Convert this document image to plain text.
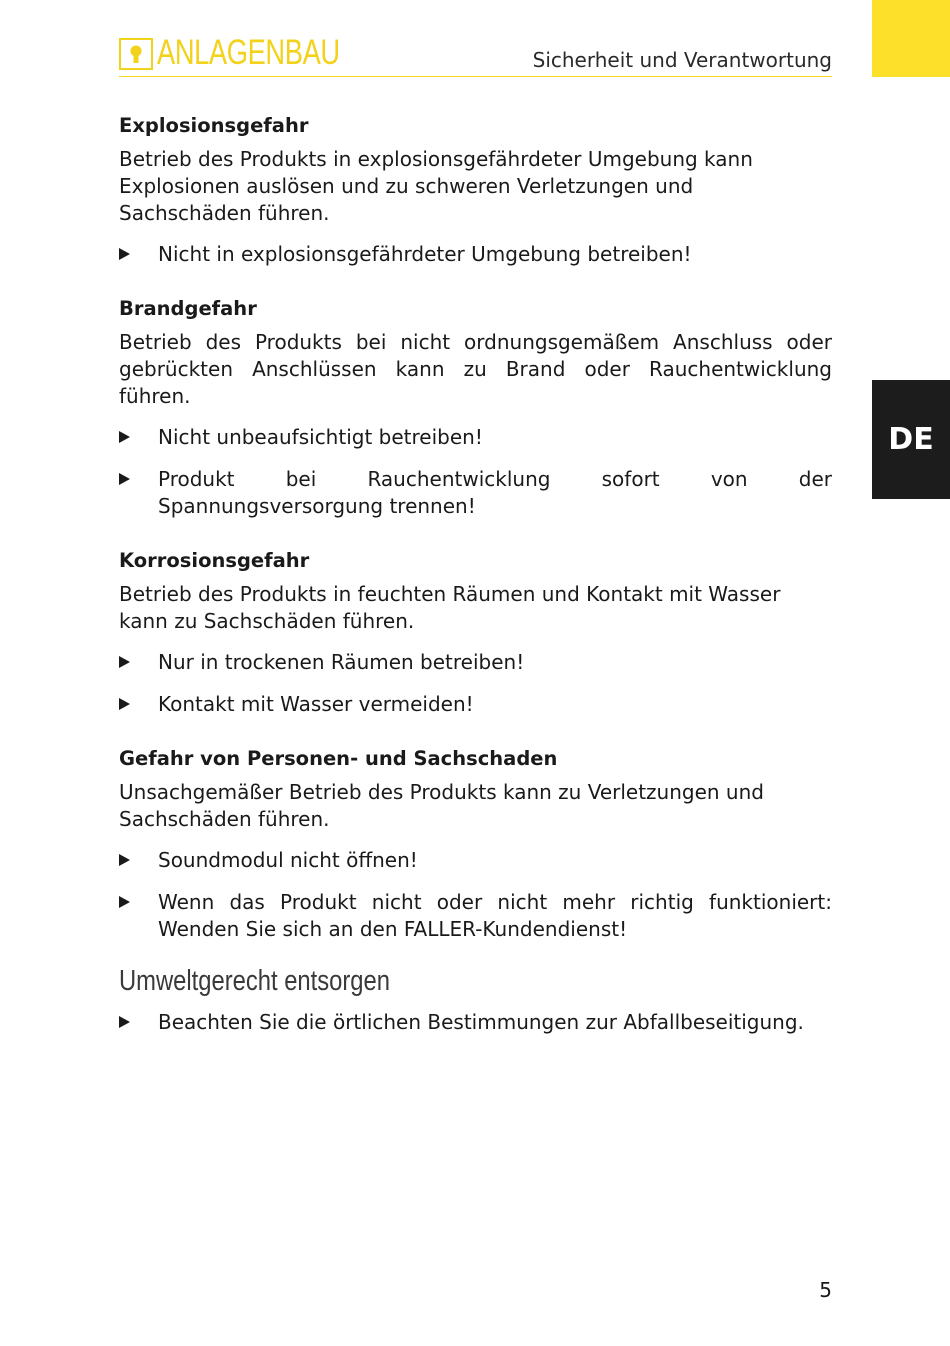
DE
ANLAGENBAU	Sicherheit und Verantwortung
Explosionsgefahr
Betrieb des Produkts in explosionsgefährdeter Umgebung kann Explosionen auslösen und zu schweren Verletzungen und Sachschäden führen.
Nicht in explosionsgefährdeter Umgebung betreiben!
Brandgefahr
Betrieb des Produkts bei nicht ordnungsgemäßem Anschluss oder gebrückten Anschlüssen kann zu Brand oder Rauchentwicklung führen.
Nicht unbeaufsichtigt betreiben!
Produkt bei Rauchentwicklung sofort von der Spannungsversorgung trennen!
Korrosionsgefahr
Betrieb des Produkts in feuchten Räumen und Kontakt mit Wasser kann zu Sachschäden führen.
Nur in trockenen Räumen betreiben!
Kontakt mit Wasser vermeiden!
Gefahr von Personen- und Sachschaden
Unsachgemäßer Betrieb des Produkts kann zu Verletzungen und Sachschäden führen.
Soundmodul nicht öffnen!
Wenn das Produkt nicht oder nicht mehr richtig funktioniert: Wenden Sie sich an den FALLER-Kundendienst!
Umweltgerecht entsorgen
Beachten Sie die örtlichen Bestimmungen zur Abfallbeseitigung.
5
